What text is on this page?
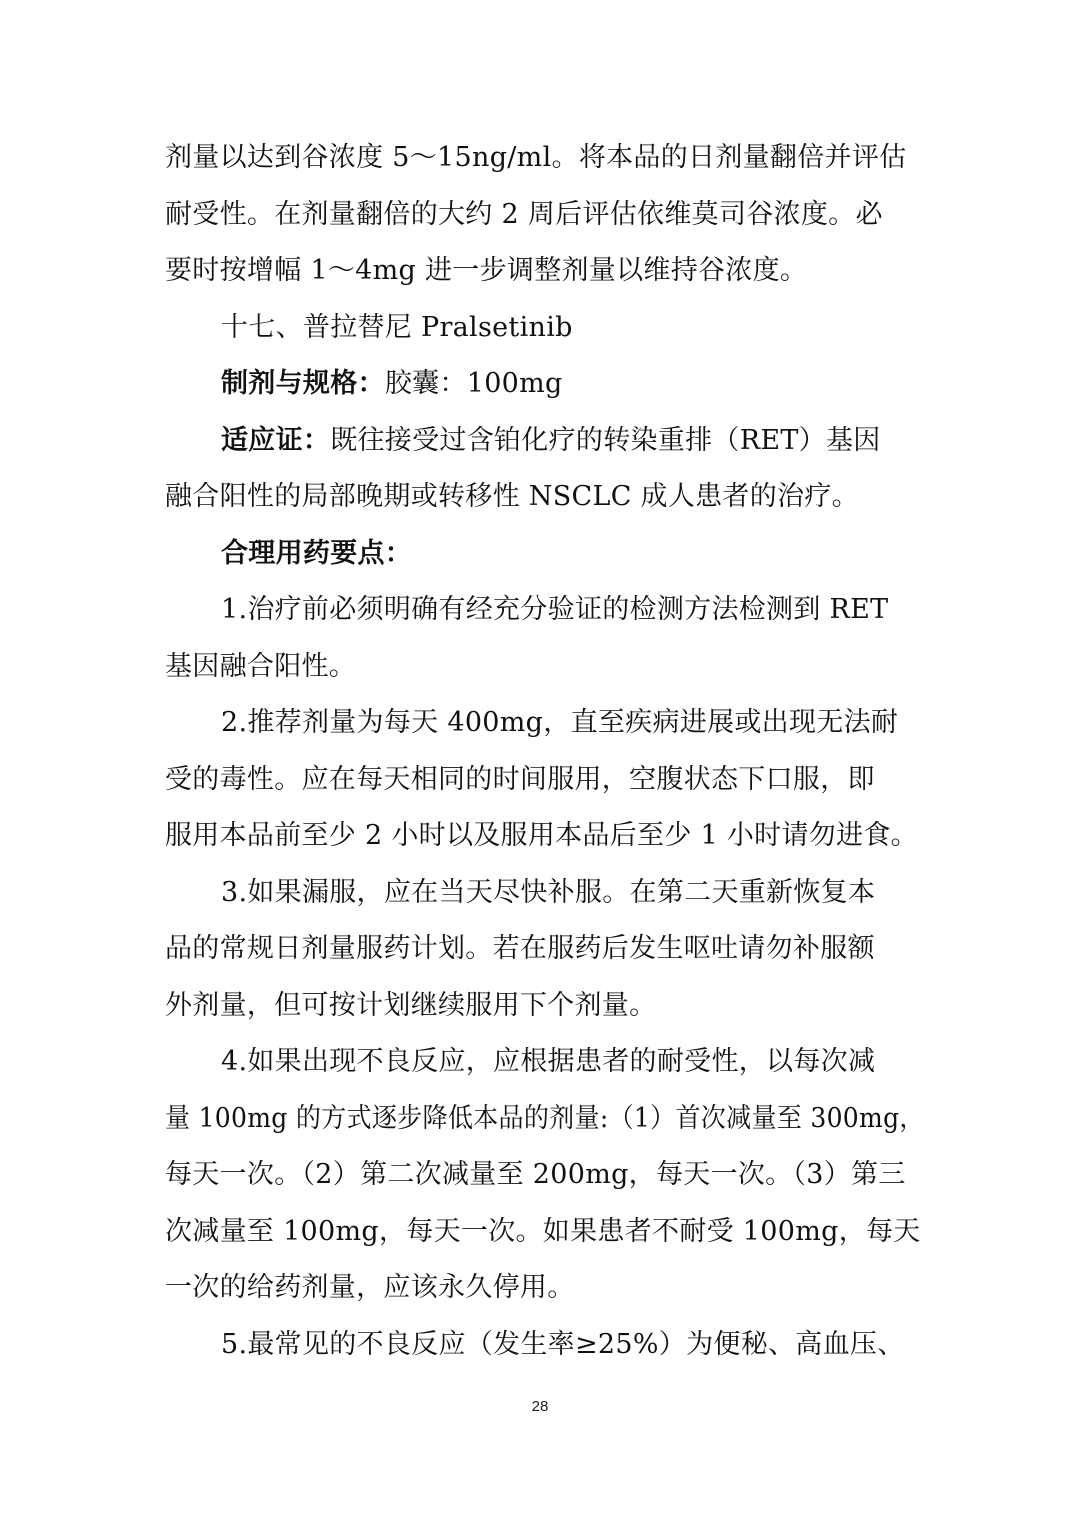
剂量以达到谷浓度 5～15ng/ml。将本品的日剂量翻倍并评估
耐受性。在剂量翻倍的大约 2 周后评估依维莫司谷浓度。必
要时按增幅 1～4mg 进一步调整剂量以维持谷浓度。
十七、普拉替尼 Pralsetinib
制剂与规格：胶囊：100mg
适应证：既往接受过含铂化疗的转染重排（RET）基因
融合阳性的局部晚期或转移性 NSCLC 成人患者的治疗。
合理用药要点：
1.治疗前必须明确有经充分验证的检测方法检测到 RET
基因融合阳性。
2.推荐剂量为每天 400mg，直至疾病进展或出现无法耐
受的毒性。应在每天相同的时间服用，空腹状态下口服，即
服用本品前至少 2 小时以及服用本品后至少 1 小时请勿进食。
3.如果漏服，应在当天尽快补服。在第二天重新恢复本
品的常规日剂量服药计划。若在服药后发生呕吐请勿补服额
外剂量，但可按计划继续服用下个剂量。
4.如果出现不良反应，应根据患者的耐受性，以每次减
量 100mg 的方式逐步降低本品的剂量:（1）首次减量至 300mg，
每天一次。（2）第二次减量至 200mg，每天一次。（3）第三
次减量至 100mg，每天一次。如果患者不耐受 100mg，每天
一次的给药剂量，应该永久停用。
5.最常见的不良反应（发生率≥25%）为便秘、高血压、
28
